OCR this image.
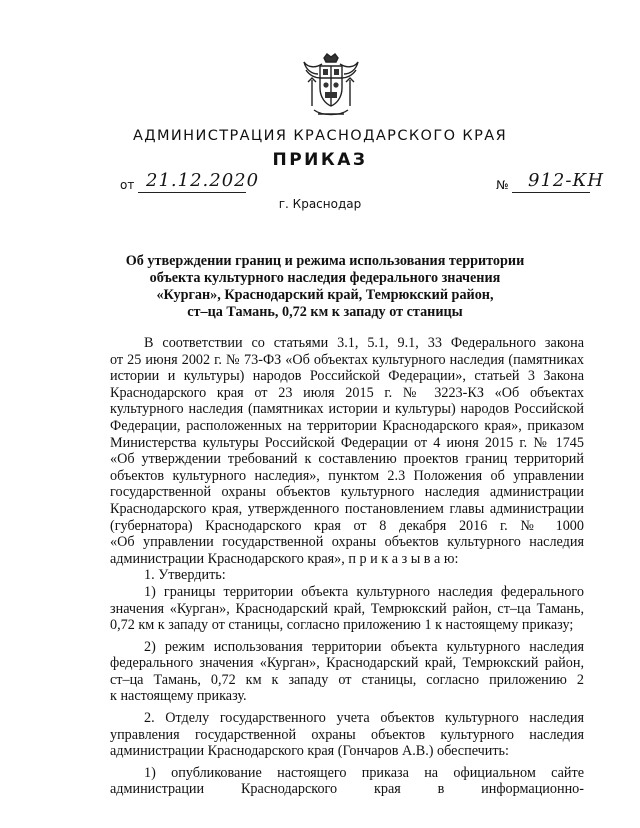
АДМИНИСТРАЦИЯ КРАСНОДАРСКОГО КРАЯ
ПРИКАЗ
от 21.12.2020	№ 912-КН
г. Краснодар
Об утверждении границ и режима использования территории
объекта культурного наследия федерального значения
«Курган», Краснодарский край, Темрюкский район,
ст–ца Тамань, 0,72 км к западу от станицы
В соответствии со статьями 3.1, 5.1, 9.1, 33 Федерального закона
от 25 июня 2002 г. № 73-ФЗ «Об объектах культурного наследия (памятниках
истории и культуры) народов Российской Федерации», статьей 3 Закона
Краснодарского края от 23 июля 2015 г. № 3223-КЗ «Об объектах
культурного наследия (памятниках истории и культуры) народов Российской
Федерации, расположенных на территории Краснодарского края», приказом
Министерства культуры Российской Федерации от 4 июня 2015 г. № 1745
«Об утверждении требований к составлению проектов границ территорий
объектов культурного наследия», пунктом 2.3 Положения об управлении
государственной охраны объектов культурного наследия администрации
Краснодарского края, утвержденного постановлением главы администрации
(губернатора) Краснодарского края от 8 декабря 2016 г. № 1000
«Об управлении государственной охраны объектов культурного наследия
администрации Краснодарского края», п р и к а з ы в а ю:
1. Утвердить:
1) границы территории объекта культурного наследия федерального
значения «Курган», Краснодарский край, Темрюкский район, ст–ца Тамань,
0,72 км к западу от станицы, согласно приложению 1 к настоящему приказу;
2) режим использования территории объекта культурного наследия
федерального значения «Курган», Краснодарский край, Темрюкский район,
ст–ца Тамань, 0,72 км к западу от станицы, согласно приложению 2
к настоящему приказу.
2. Отделу государственного учета объектов культурного наследия
управления государственной охраны объектов культурного наследия
администрации Краснодарского края (Гончаров А.В.) обеспечить:
1) опубликование настоящего приказа на официальном сайте
администрации Краснодарского края в информационно-
